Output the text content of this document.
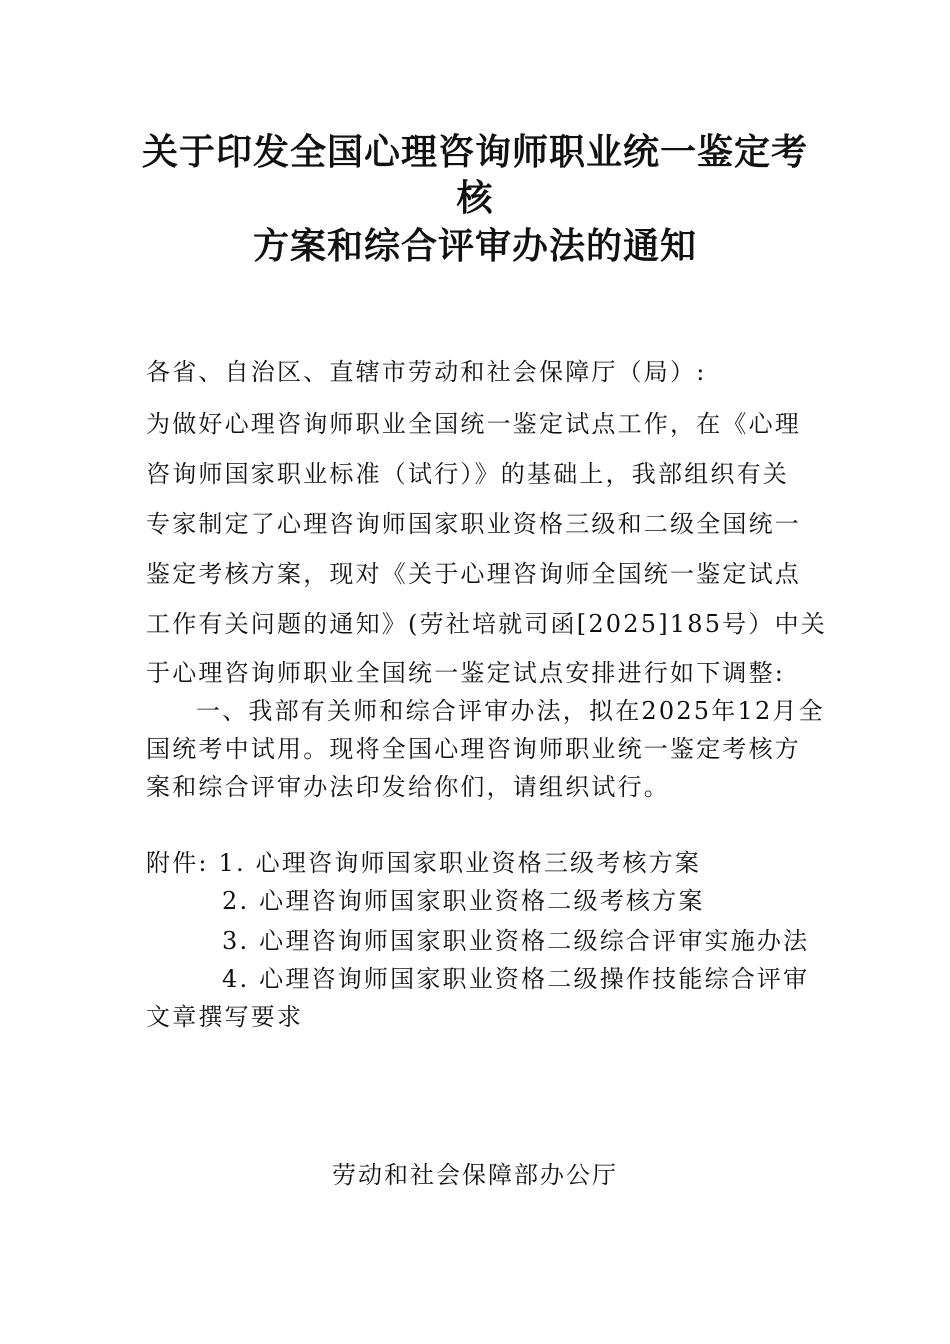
关于印发全国心理咨询师职业统一鉴定考
核
方案和综合评审办法的通知
各省、自治区、直辖市劳动和社会保障厅（局）:
为做好心理咨询师职业全国统一鉴定试点工作，在《心理
咨询师国家职业标准（试行）》的基础上，我部组织有关
专家制定了心理咨询师国家职业资格三级和二级全国统一
鉴定考核方案，现对《关于心理咨询师全国统一鉴定试点
工作有关问题的通知》(劳社培就司函[2025]185号）中关
于心理咨询师职业全国统一鉴定试点安排进行如下调整:
一、我部有关师和综合评审办法，拟在2025年12月全
国统考中试用。现将全国心理咨询师职业统一鉴定考核方
案和综合评审办法印发给你们，请组织试行。
附件: 1. 心理咨询师国家职业资格三级考核方案
2. 心理咨询师国家职业资格二级考核方案
3. 心理咨询师国家职业资格二级综合评审实施办法
4. 心理咨询师国家职业资格二级操作技能综合评审
文章撰写要求
劳动和社会保障部办公厅
